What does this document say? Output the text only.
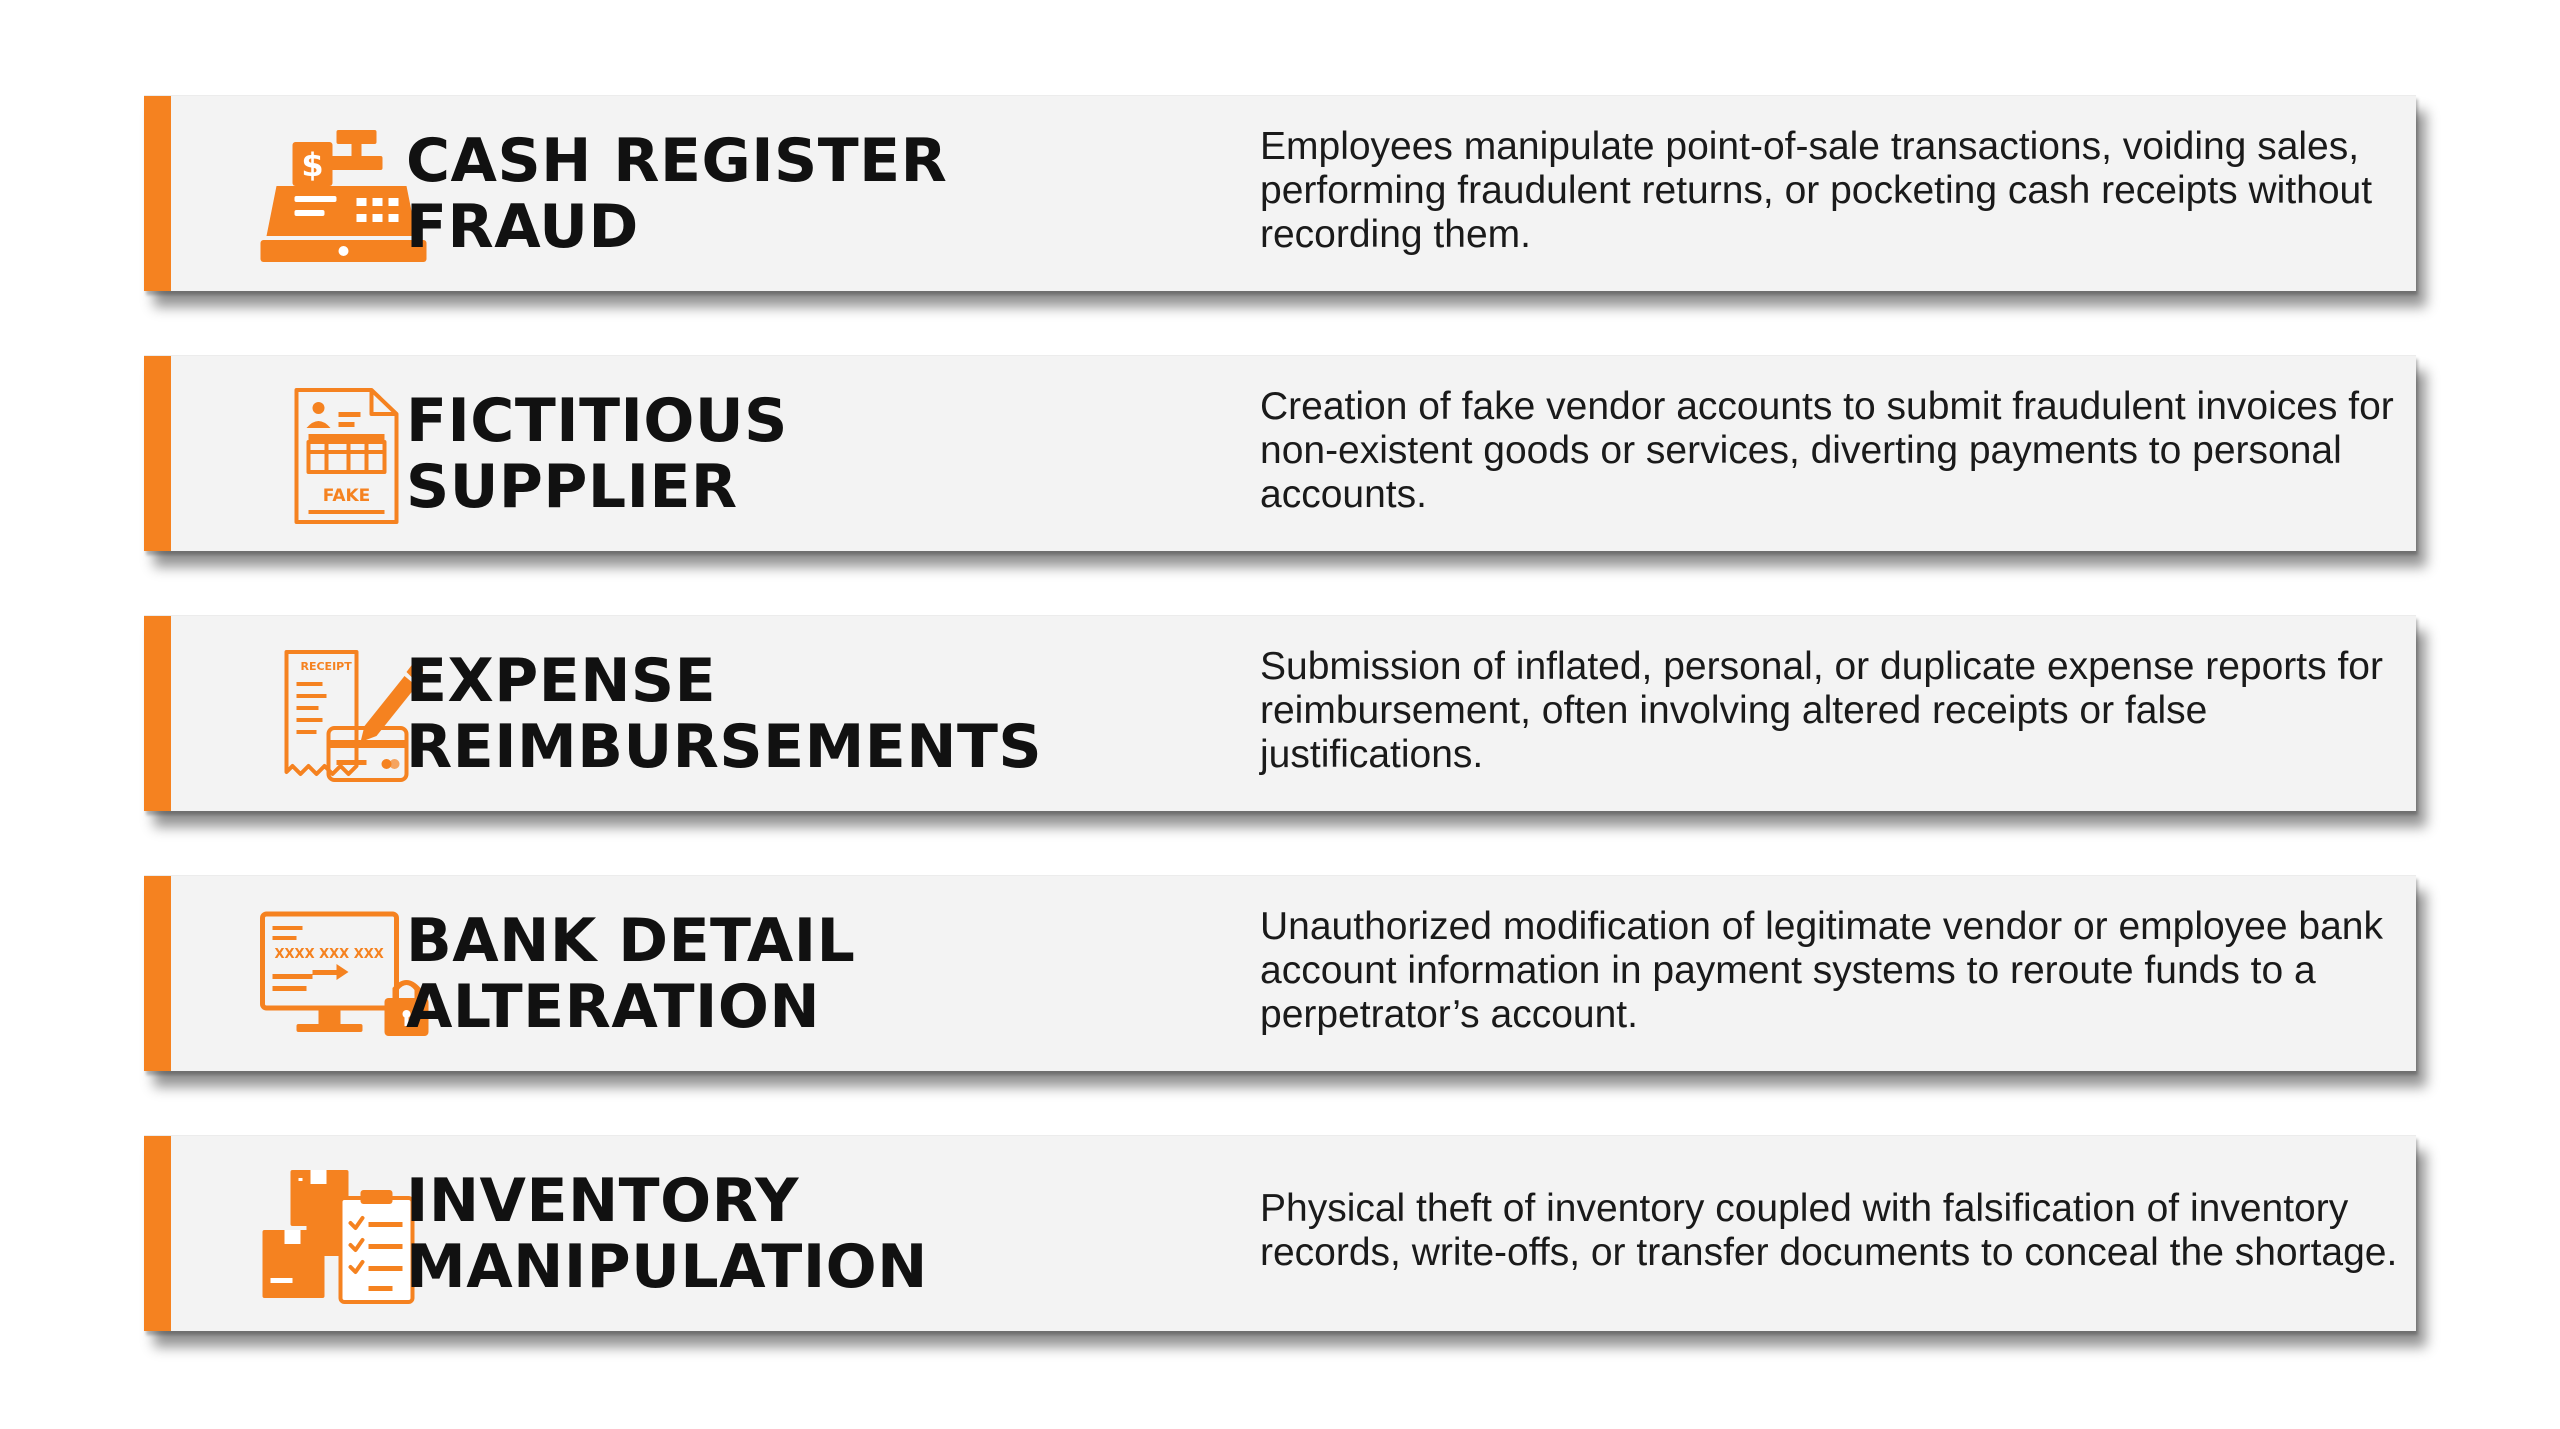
$ CASH REGISTER
FRAUD
Employees manipulate point-of-sale transactions, voiding sales, performing fraudulent returns, or pocketing cash receipts without recording them.
FAKE
FICTITIOUS
SUPPLIER
Creation of fake vendor accounts to submit fraudulent invoices for non-existent goods or services, diverting payments to personal accounts.
RECEIPT EXPENSE
REIMBURSEMENTS
Submission of inflated, personal, or duplicate expense reports for reimbursement, often involving altered receipts or false justifications.
XXXX XXX XXX BANK DETAIL
ALTERATION
Unauthorized modification of legitimate vendor or employee bank account information in payment systems to reroute funds to a perpetrator’s account.
INVENTORY
MANIPULATION
Physical theft of inventory coupled with falsification of inventory records, write-offs, or transfer documents to conceal the shortage.
